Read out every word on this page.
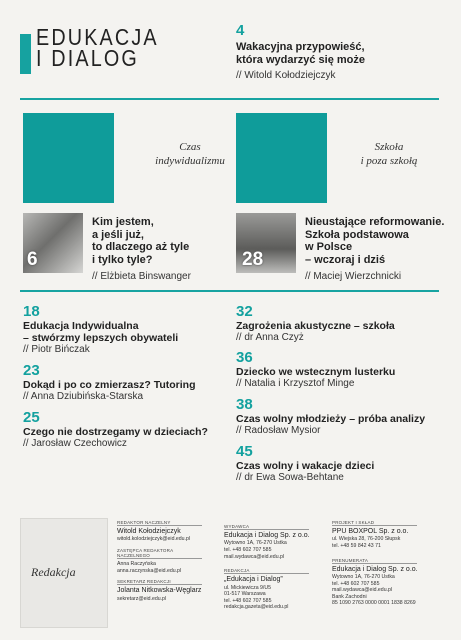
EDUKACJA
I DIALOG
4
Wakacyjna przypowieść,
która wydarzyć się może
// Witold Kołodziejczyk
Czas
indywidualizmu
Szkoła
i poza szkołą
6
Kim jestem,
a jeśli już,
to dlaczego aż tyle
i tylko tyle?
// Elżbieta Binswanger
28
Nieustające reformowanie.
Szkoła podstawowa
w Polsce
– wczoraj i dziś
// Maciej Wierzchnicki
18
Edukacja Indywidualna
– stwórzmy lepszych obywateli
// Piotr Bińczak
23
Dokąd i po co zmierzasz? Tutoring
// Anna Dziubińska-Starska
25
Czego nie dostrzegamy w dzieciach?
// Jarosław Czechowicz
32
Zagrożenia akustyczne – szkoła
// dr Anna Czyż
36
Dziecko we wstecznym lusterku
// Natalia i Krzysztof Minge
38
Czas wolny młodzieży – próba analizy
// Radosław Mysior
45
Czas wolny i wakacje dzieci
// dr Ewa Sowa-Behtane
Redakcja
REDAKTOR NACZELNY
Witold Kołodziejczyk
witold.kolodziejczyk@eid.edu.pl
ZASTĘPCA REDAKTORA NACZELNEGO
Anna Raczyńska
anna.raczynska@eid.edu.pl
SEKRETARZ REDAKCJI
Jolanta Nitkowska-Węglarz
sekretarz@eid.edu.pl
WYDAWCA
Edukacja i Dialog Sp. z o.o.
Wytowno 1A, 76-270 Ustka
tel. +48 602 707 585
mail.wydawca@eid.edu.pl
REDAKCJA
„Edukacja i Dialog”
ul. Mickiewicza 9/U5
01-517 Warszawa
tel. +48 602 707 585
redakcja.gazeta@eid.edu.pl
PROJEKT I SKŁAD
PPU BOXPOL Sp. z o.o.
ul. Wiejska 28, 76-200 Słupsk
tel. +48 59 842 43 71
PRENUMERATA
Edukacja i Dialog Sp. z o.o.
Wytowno 1A, 76-270 Ustka
tel. +48 602 707 585
mail.wydawca@eid.edu.pl
Bank Zachodni
85 1090 2763 0000 0001 1838 8269
